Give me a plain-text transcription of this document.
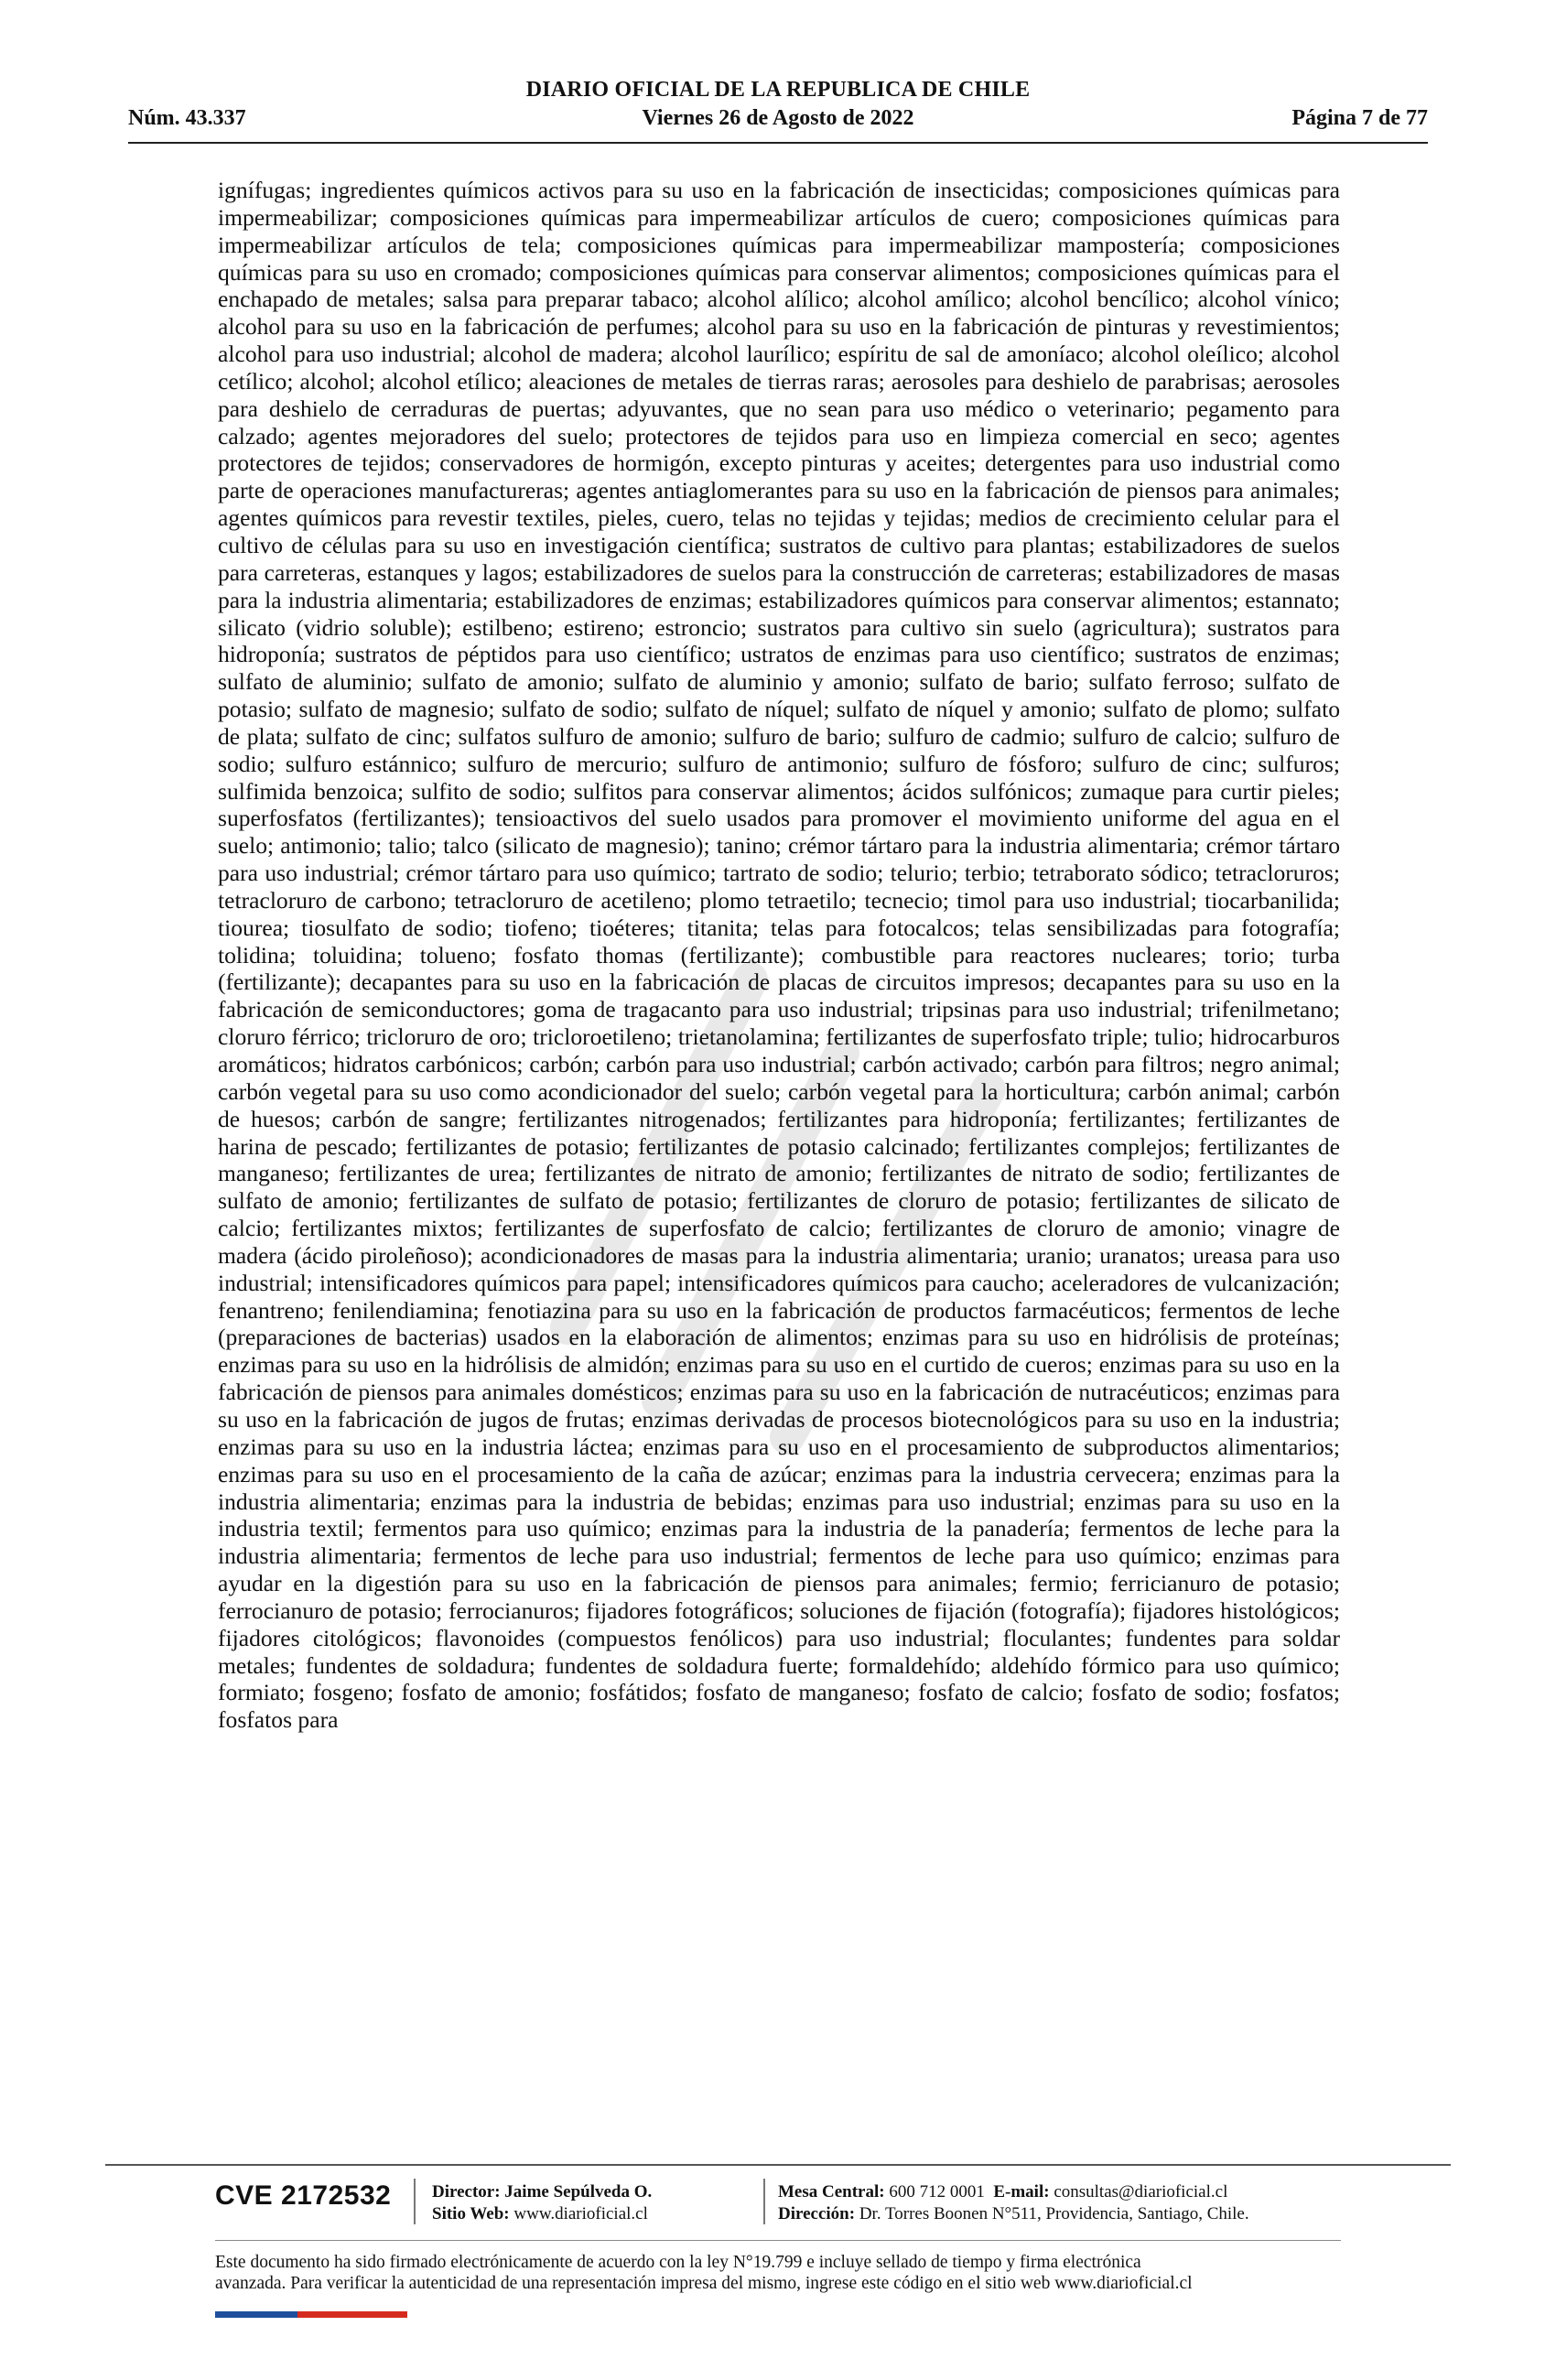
DIARIO OFICIAL DE LA REPUBLICA DE CHILE
Núm. 43.337	Viernes 26 de Agosto de 2022	Página 7 de 77

ignífugas; ingredientes químicos activos para su uso en la fabricación de insecticidas; composiciones químicas para impermeabilizar; composiciones químicas para impermeabilizar artículos de cuero; composiciones químicas para impermeabilizar artículos de tela; composiciones químicas para impermeabilizar mampostería; composiciones químicas para su uso en cromado; composiciones químicas para conservar alimentos; composiciones químicas para el enchapado de metales; salsa para preparar tabaco; alcohol alílico; alcohol amílico; alcohol bencílico; alcohol vínico; alcohol para su uso en la fabricación de perfumes; alcohol para su uso en la fabricación de pinturas y revestimientos; alcohol para uso industrial; alcohol de madera; alcohol laurílico; espíritu de sal de amoníaco; alcohol oleílico; alcohol cetílico; alcohol; alcohol etílico; aleaciones de metales de tierras raras; aerosoles para deshielo de parabrisas; aerosoles para deshielo de cerraduras de puertas; adyuvantes, que no sean para uso médico o veterinario; pegamento para calzado; agentes mejoradores del suelo; protectores de tejidos para uso en limpieza comercial en seco; agentes protectores de tejidos; conservadores de hormigón, excepto pinturas y aceites; detergentes para uso industrial como parte de operaciones manufactureras; agentes antiaglomerantes para su uso en la fabricación de piensos para animales; agentes químicos para revestir textiles, pieles, cuero, telas no tejidas y tejidas; medios de crecimiento celular para el cultivo de células para su uso en investigación científica; sustratos de cultivo para plantas; estabilizadores de suelos para carreteras, estanques y lagos; estabilizadores de suelos para la construcción de carreteras; estabilizadores de masas para la industria alimentaria; estabilizadores de enzimas; estabilizadores químicos para conservar alimentos; estannato; silicato (vidrio soluble); estilbeno; estireno; estroncio; sustratos para cultivo sin suelo (agricultura); sustratos para hidroponía; sustratos de péptidos para uso científico; ustratos de enzimas para uso científico; sustratos de enzimas; sulfato de aluminio; sulfato de amonio; sulfato de aluminio y amonio; sulfato de bario; sulfato ferroso; sulfato de potasio; sulfato de magnesio; sulfato de sodio; sulfato de níquel; sulfato de níquel y amonio; sulfato de plomo; sulfato de plata; sulfato de cinc; sulfatos sulfuro de amonio; sulfuro de bario; sulfuro de cadmio; sulfuro de calcio; sulfuro de sodio; sulfuro estánnico; sulfuro de mercurio; sulfuro de antimonio; sulfuro de fósforo; sulfuro de cinc; sulfuros; sulfimida benzoica; sulfito de sodio; sulfitos para conservar alimentos; ácidos sulfónicos; zumaque para curtir pieles; superfosfatos (fertilizantes); tensioactivos del suelo usados para promover el movimiento uniforme del agua en el suelo; antimonio; talio; talco (silicato de magnesio); tanino; crémor tártaro para la industria alimentaria; crémor tártaro para uso industrial; crémor tártaro para uso químico; tartrato de sodio; telurio; terbio; tetraborato sódico; tetracloruros; tetracloruro de carbono; tetracloruro de acetileno; plomo tetraetilo; tecnecio; timol para uso industrial; tiocarbanilida; tiourea; tiosulfato de sodio; tiofeno; tioéteres; titanita; telas para fotocalcos; telas sensibilizadas para fotografía; tolidina; toluidina; tolueno; fosfato thomas (fertilizante); combustible para reactores nucleares; torio; turba (fertilizante); decapantes para su uso en la fabricación de placas de circuitos impresos; decapantes para su uso en la fabricación de semiconductores; goma de tragacanto para uso industrial; tripsinas para uso industrial; trifenilmetano; cloruro férrico; tricloruro de oro; tricloroetileno; trietanolamina; fertilizantes de superfosfato triple; tulio; hidrocarburos aromáticos; hidratos carbónicos; carbón; carbón para uso industrial; carbón activado; carbón para filtros; negro animal; carbón vegetal para su uso como acondicionador del suelo; carbón vegetal para la horticultura; carbón animal; carbón de huesos; carbón de sangre; fertilizantes nitrogenados; fertilizantes para hidroponía; fertilizantes; fertilizantes de harina de pescado; fertilizantes de potasio; fertilizantes de potasio calcinado; fertilizantes complejos; fertilizantes de manganeso; fertilizantes de urea; fertilizantes de nitrato de amonio; fertilizantes de nitrato de sodio; fertilizantes de sulfato de amonio; fertilizantes de sulfato de potasio; fertilizantes de cloruro de potasio; fertilizantes de silicato de calcio; fertilizantes mixtos; fertilizantes de superfosfato de calcio; fertilizantes de cloruro de amonio; vinagre de madera (ácido piroleñoso); acondicionadores de masas para la industria alimentaria; uranio; uranatos; ureasa para uso industrial; intensificadores químicos para papel; intensificadores químicos para caucho; aceleradores de vulcanización; fenantreno; fenilendiamina; fenotiazina para su uso en la fabricación de productos farmacéuticos; fermentos de leche (preparaciones de bacterias) usados en la elaboración de alimentos; enzimas para su uso en hidrólisis de proteínas; enzimas para su uso en la hidrólisis de almidón; enzimas para su uso en el curtido de cueros; enzimas para su uso en la fabricación de piensos para animales domésticos; enzimas para su uso en la fabricación de nutracéuticos; enzimas para su uso en la fabricación de jugos de frutas; enzimas derivadas de procesos biotecnológicos para su uso en la industria; enzimas para su uso en la industria láctea; enzimas para su uso en el procesamiento de subproductos alimentarios; enzimas para su uso en el procesamiento de la caña de azúcar; enzimas para la industria cervecera; enzimas para la industria alimentaria; enzimas para la industria de bebidas; enzimas para uso industrial; enzimas para su uso en la industria textil; fermentos para uso químico; enzimas para la industria de la panadería; fermentos de leche para la industria alimentaria; fermentos de leche para uso industrial; fermentos de leche para uso químico; enzimas para ayudar en la digestión para su uso en la fabricación de piensos para animales; fermio; ferricianuro de potasio; ferrocianuro de potasio; ferrocianuros; fijadores fotográficos; soluciones de fijación (fotografía); fijadores histológicos; fijadores citológicos; flavonoides (compuestos fenólicos) para uso industrial; floculantes; fundentes para soldar metales; fundentes de soldadura; fundentes de soldadura fuerte; formaldehído; aldehído fórmico para uso químico; formiato; fosgeno; fosfato de amonio; fosfátidos; fosfato de manganeso; fosfato de calcio; fosfato de sodio; fosfatos; fosfatos para

CVE 2172532 Director: Jaime Sepúlveda O.
Sitio Web: www.diarioficial.cl
Mesa Central: 600 712 0001 E-mail: consultas@diarioficial.cl
Dirección: Dr. Torres Boonen N°511, Providencia, Santiago, Chile.
Este documento ha sido firmado electrónicamente de acuerdo con la ley N°19.799 e incluye sellado de tiempo y firma electrónica
avanzada. Para verificar la autenticidad de una representación impresa del mismo, ingrese este código en el sitio web www.diarioficial.cl
